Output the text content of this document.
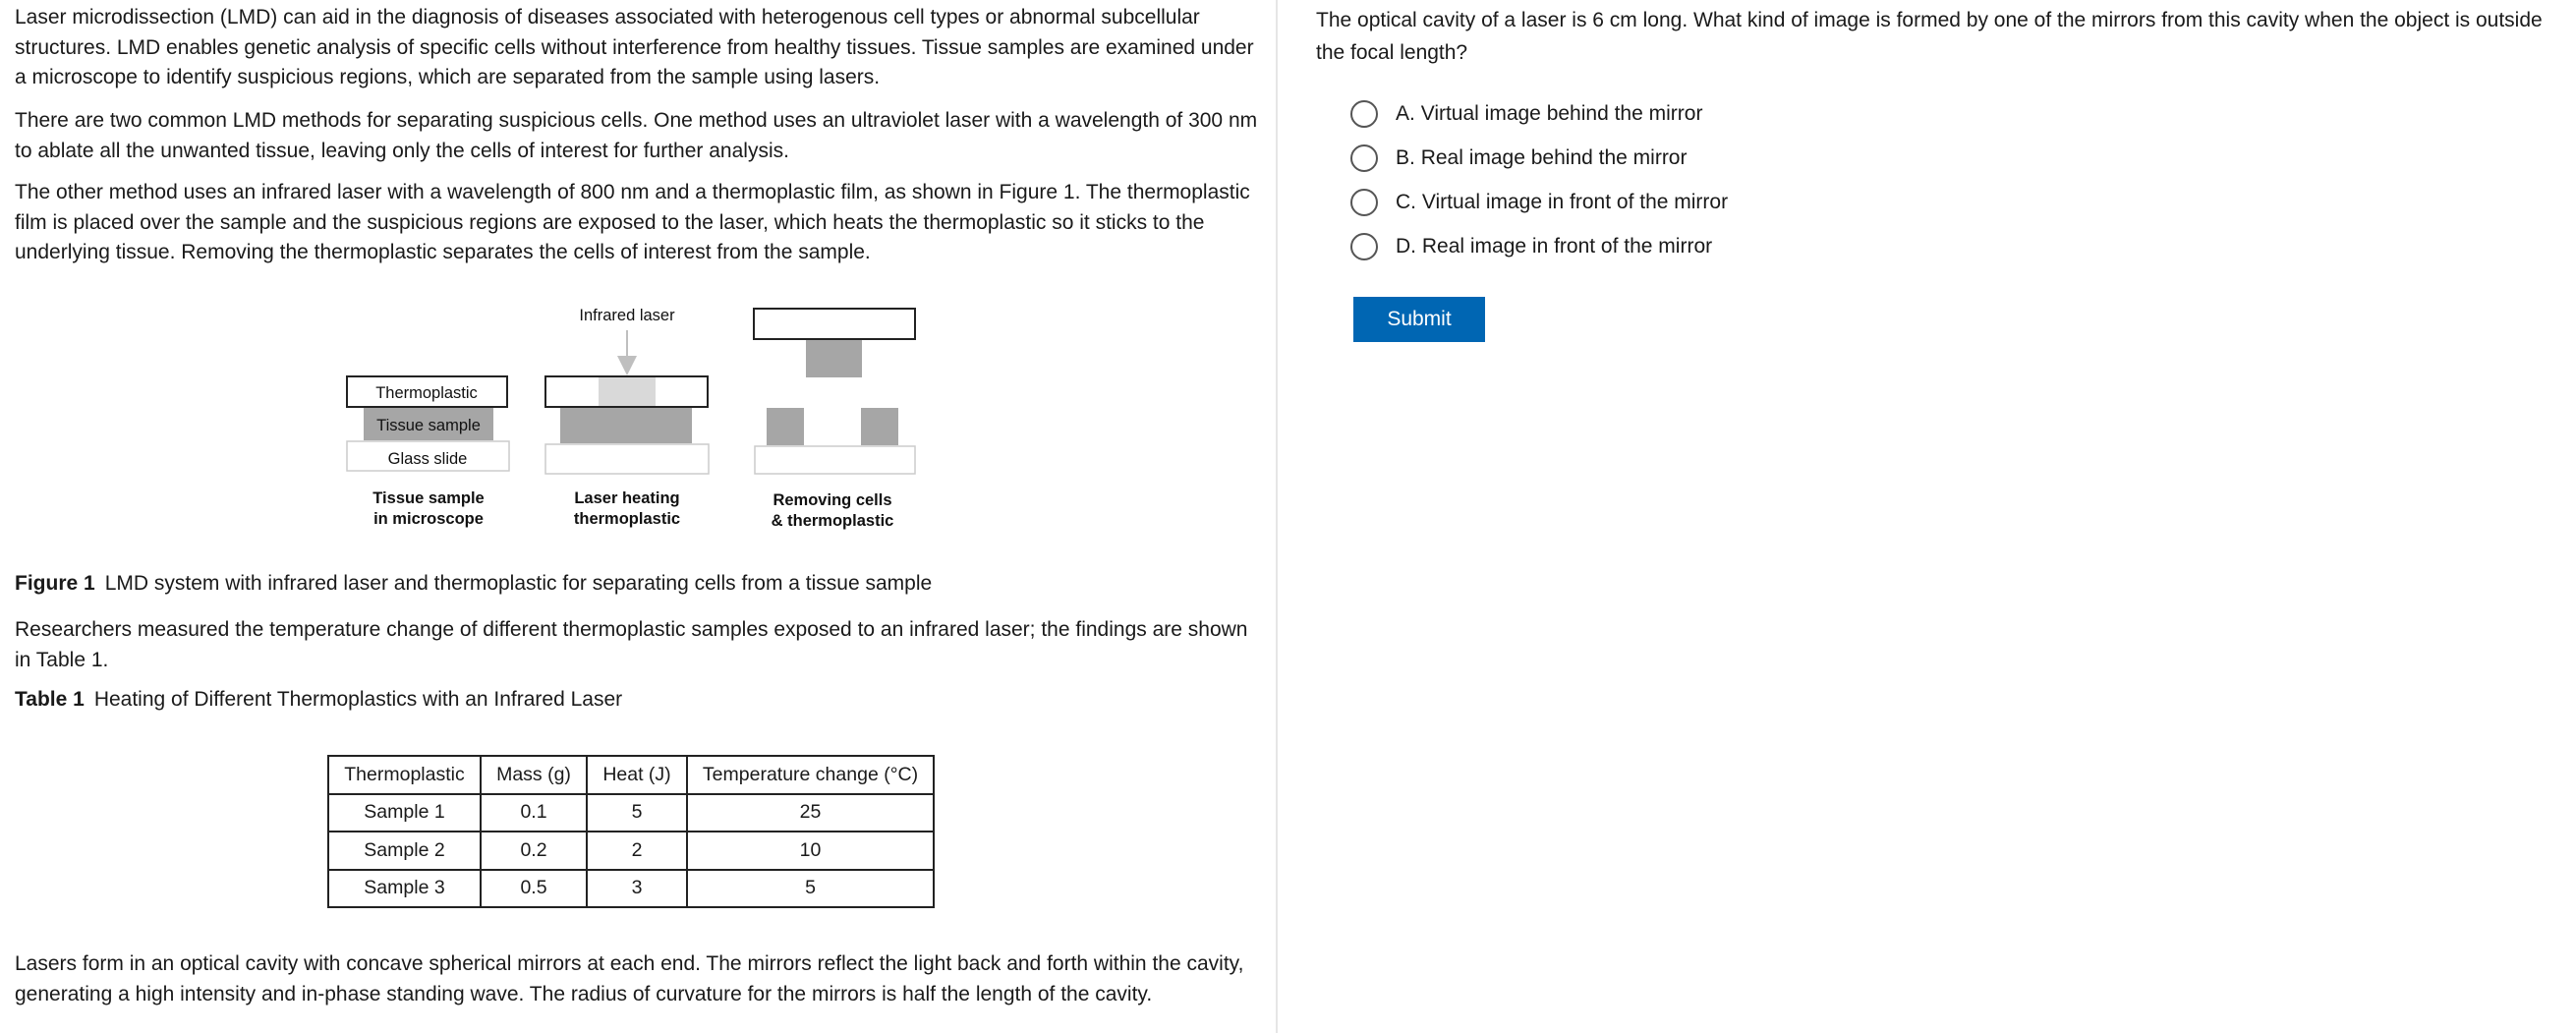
Laser microdissection (LMD) can aid in the diagnosis of diseases associated with heterogenous cell types or abnormal subcellular structures. LMD enables genetic analysis of specific cells without interference from healthy tissues. Tissue samples are examined under a microscope to identify suspicious regions, which are separated from the sample using lasers.

There are two common LMD methods for separating suspicious cells. One method uses an ultraviolet laser with a wavelength of 300 nm to ablate all the unwanted tissue, leaving only the cells of interest for further analysis.

The other method uses an infrared laser with a wavelength of 800 nm and a thermoplastic film, as shown in Figure 1. The thermoplastic film is placed over the sample and the suspicious regions are exposed to the laser, which heats the thermoplastic so it sticks to the underlying tissue. Removing the thermoplastic separates the cells of interest from the sample.

Thermoplastic
Tissue sample
Glass slide
Tissue sample
in microscope
Infrared laser
Laser heating
thermoplastic
Removing cells
& thermoplastic
Figure 1 LMD system with infrared laser and thermoplastic for separating cells from a tissue sample

Researchers measured the temperature change of different thermoplastic samples exposed to an infrared laser; the findings are shown in Table 1.

Table 1 Heating of Different Thermoplastics with an Infrared Laser
Thermoplastic	Mass (g)	Heat (J)	Temperature change (°C)
Sample 1	0.1	5	25
Sample 2	0.2	2	10
Sample 3	0.5	3	5

Lasers form in an optical cavity with concave spherical mirrors at each end. The mirrors reflect the light back and forth within the cavity, generating a high intensity and in-phase standing wave. The radius of curvature for the mirrors is half the length of the cavity.

The optical cavity of a laser is 6 cm long. What kind of image is formed by one of the mirrors from this cavity when the object is outside the focal length?

A. Virtual image behind the mirror
B. Real image behind the mirror
C. Virtual image in front of the mirror
D. Real image in front of the mirror
Submit
